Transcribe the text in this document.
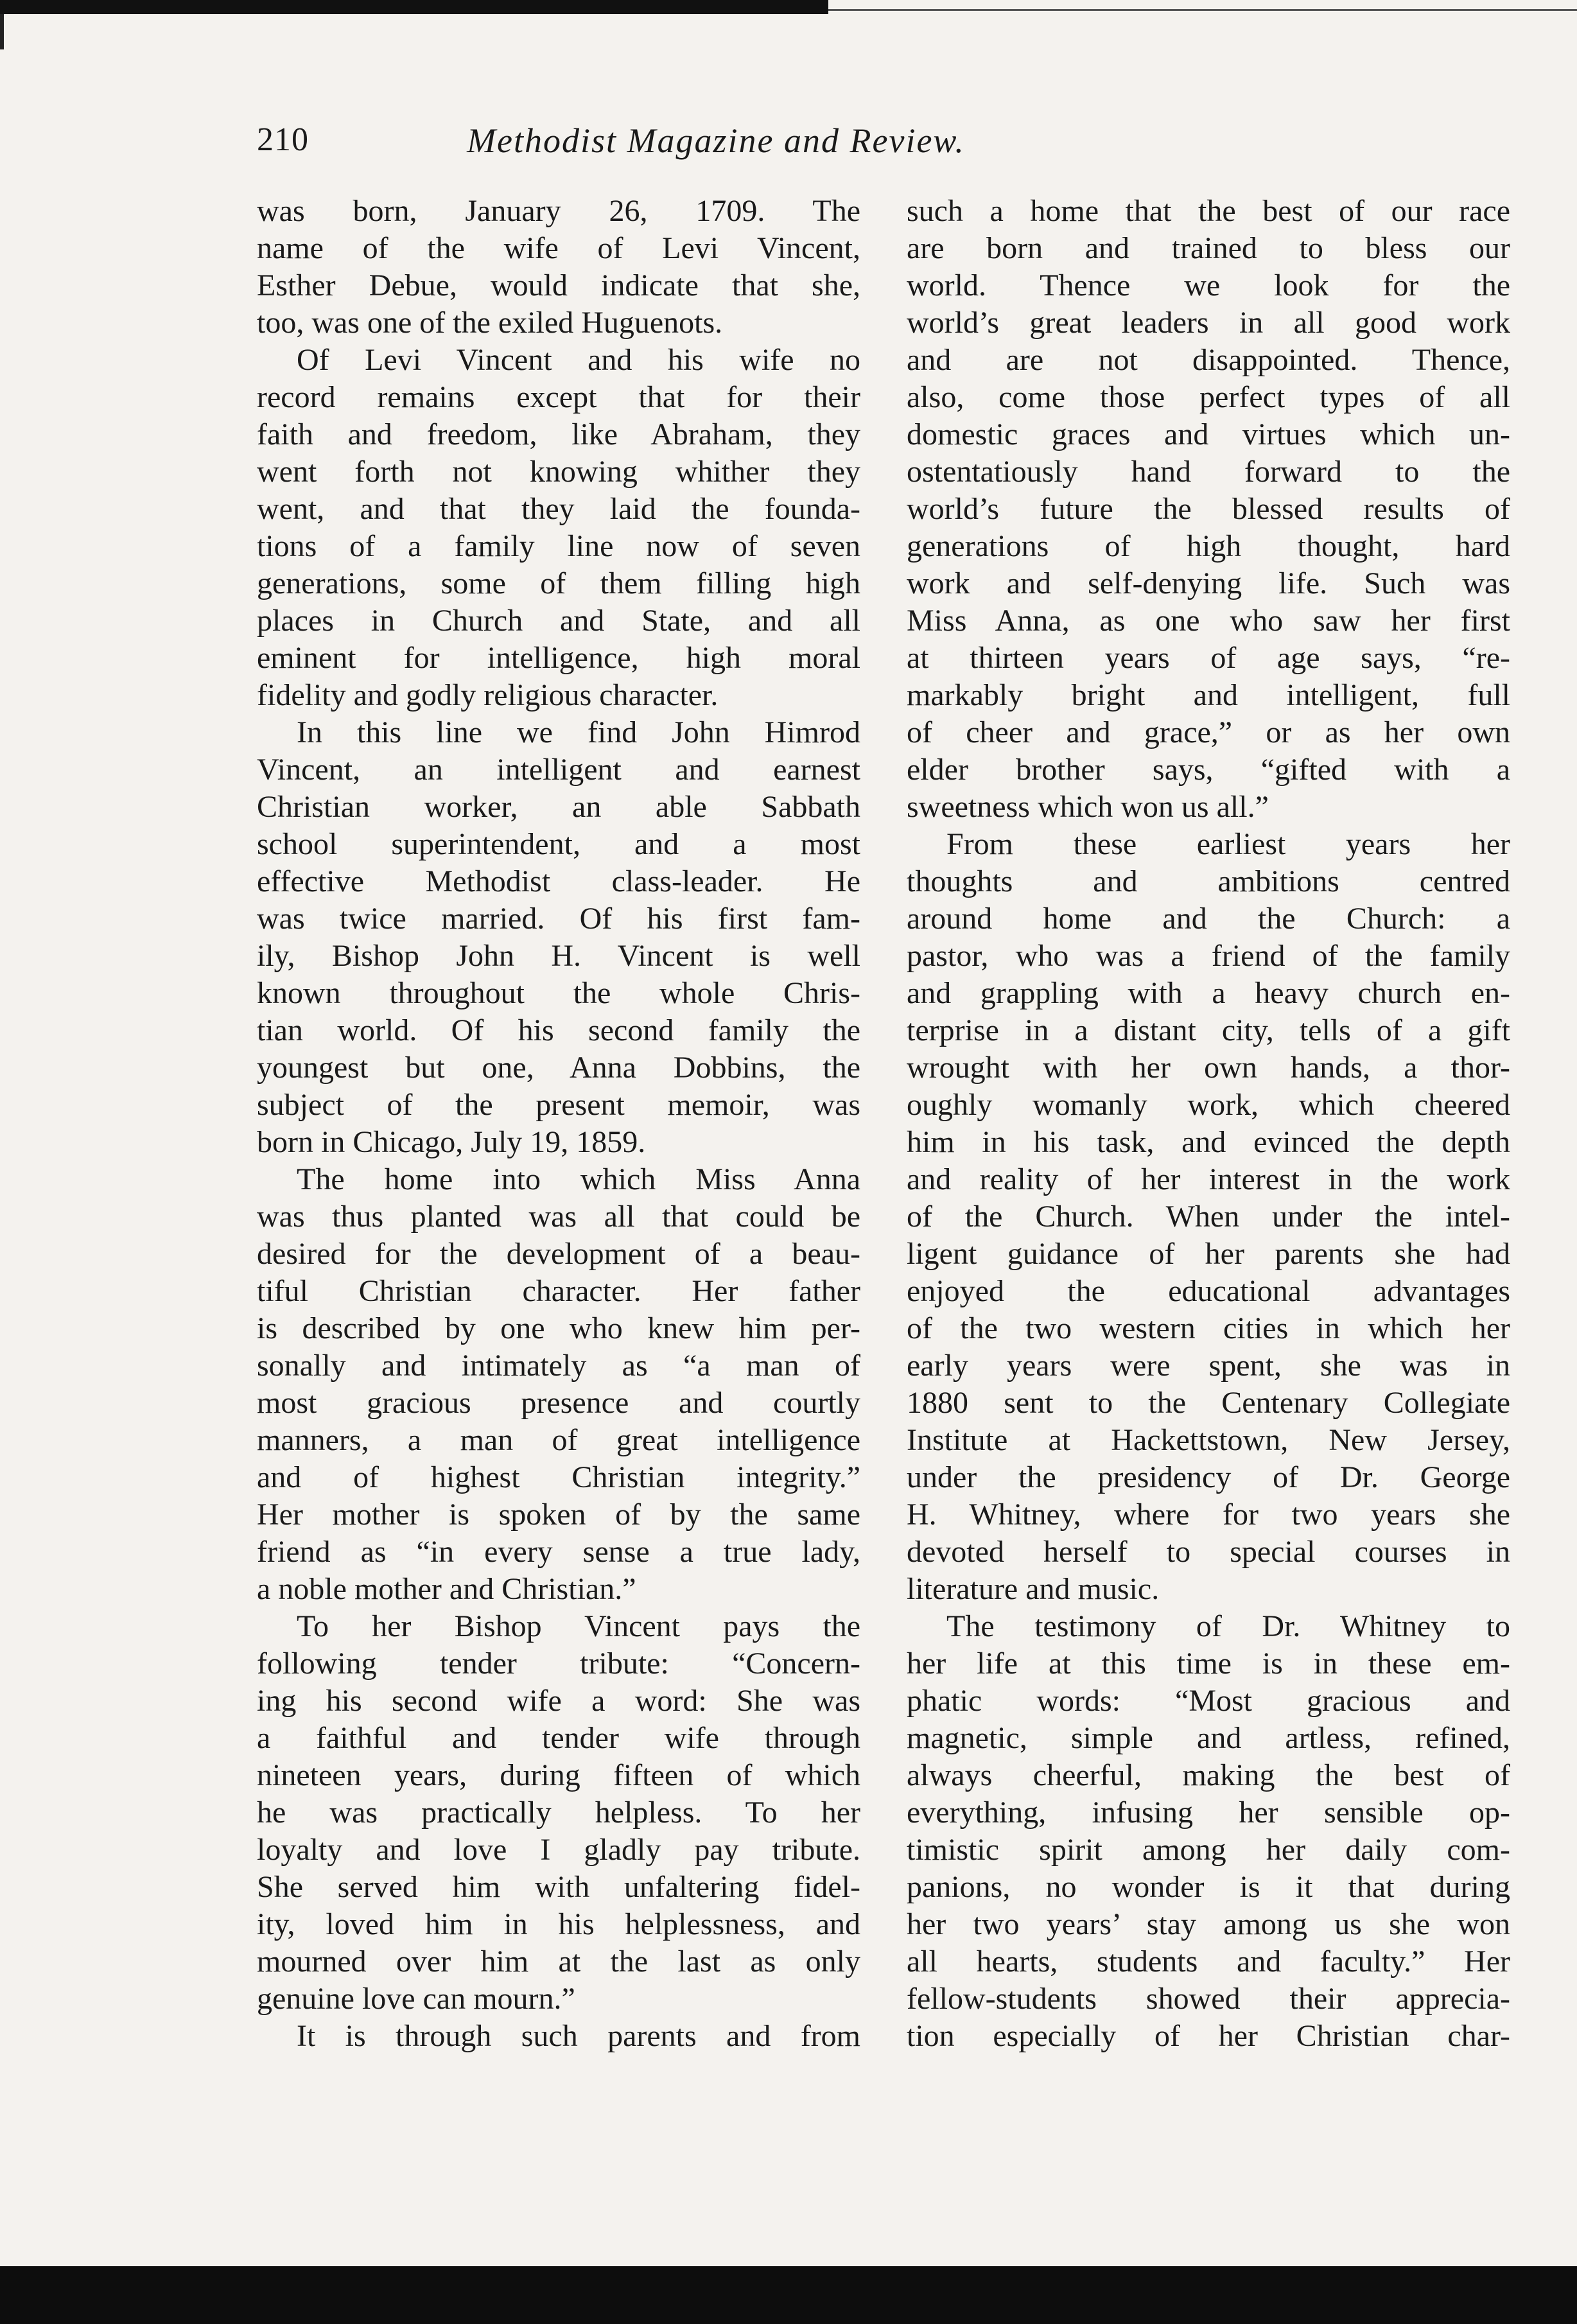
210	Methodist Magazine and Review.
was born, January 26, 1709. The
name of the wife of Levi Vincent,
Esther Debue, would indicate that she,
too, was one of the exiled Huguenots.
Of Levi Vincent and his wife no
record remains except that for their
faith and freedom, like Abraham, they
went forth not knowing whither they
went, and that they laid the founda-
tions of a family line now of seven
generations, some of them filling high
places in Church and State, and all
eminent for intelligence, high moral
fidelity and godly religious character.
In this line we find John Himrod
Vincent, an intelligent and earnest
Christian worker, an able Sabbath
school superintendent, and a most
effective Methodist class-leader. He
was twice married. Of his first fam-
ily, Bishop John H. Vincent is well
known throughout the whole Chris-
tian world. Of his second family the
youngest but one, Anna Dobbins, the
subject of the present memoir, was
born in Chicago, July 19, 1859.
The home into which Miss Anna
was thus planted was all that could be
desired for the development of a beau-
tiful Christian character. Her father
is described by one who knew him per-
sonally and intimately as “a man of
most gracious presence and courtly
manners, a man of great intelligence
and of highest Christian integrity.”
Her mother is spoken of by the same
friend as “in every sense a true lady,
a noble mother and Christian.”
To her Bishop Vincent pays the
following tender tribute: “Concern-
ing his second wife a word: She was
a faithful and tender wife through
nineteen years, during fifteen of which
he was practically helpless. To her
loyalty and love I gladly pay tribute.
She served him with unfaltering fidel-
ity, loved him in his helplessness, and
mourned over him at the last as only
genuine love can mourn.”
It is through such parents and from
such a home that the best of our race
are born and trained to bless our
world. Thence we look for the
world’s great leaders in all good work
and are not disappointed. Thence,
also, come those perfect types of all
domestic graces and virtues which un-
ostentatiously hand forward to the
world’s future the blessed results of
generations of high thought, hard
work and self-denying life. Such was
Miss Anna, as one who saw her first
at thirteen years of age says, “re-
markably bright and intelligent, full
of cheer and grace,” or as her own
elder brother says, “gifted with a
sweetness which won us all.”
From these earliest years her
thoughts and ambitions centred
around home and the Church: a
pastor, who was a friend of the family
and grappling with a heavy church en-
terprise in a distant city, tells of a gift
wrought with her own hands, a thor-
oughly womanly work, which cheered
him in his task, and evinced the depth
and reality of her interest in the work
of the Church. When under the intel-
ligent guidance of her parents she had
enjoyed the educational advantages
of the two western cities in which her
early years were spent, she was in
1880 sent to the Centenary Collegiate
Institute at Hackettstown, New Jersey,
under the presidency of Dr. George
H. Whitney, where for two years she
devoted herself to special courses in
literature and music.
The testimony of Dr. Whitney to
her life at this time is in these em-
phatic words: “Most gracious and
magnetic, simple and artless, refined,
always cheerful, making the best of
everything, infusing her sensible op-
timistic spirit among her daily com-
panions, no wonder is it that during
her two years’ stay among us she won
all hearts, students and faculty.” Her
fellow-students showed their apprecia-
tion especially of her Christian char-
